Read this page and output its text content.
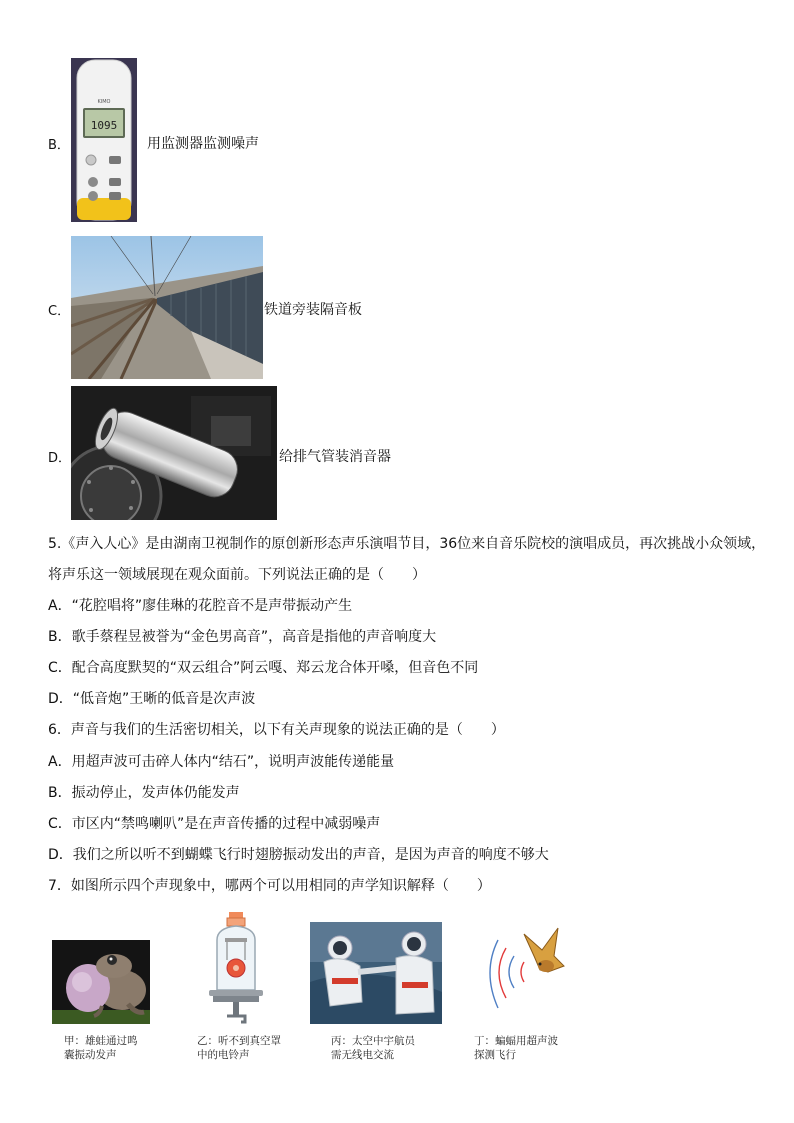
B．
KIMO
1095
用监测器监测噪声
C．	铁道旁装隔音板
D．	给排气管装消音器
5.《声入人心》是由湖南卫视制作的原创新形态声乐演唱节目，36位来自音乐院校的演唱成员，再次挑战小众领域，
将声乐这一领域展现在观众面前。下列说法正确的是（　　）
A．“花腔唱将”廖佳琳的花腔音不是声带振动产生
B．歌手蔡程昱被誉为“金色男高音”，高音是指他的声音响度大
C．配合高度默契的“双云组合”阿云嘎、郑云龙合体开嗓，但音色不同
D．“低音炮”王晰的低音是次声波
6．声音与我们的生活密切相关，以下有关声现象的说法正确的是（　　）
A．用超声波可击碎人体内“结石”，说明声波能传递能量
B．振动停止，发声体仍能发声
C．市区内“禁鸣喇叭”是在声音传播的过程中减弱噪声
D．我们之所以听不到蝴蝶飞行时翅膀振动发出的声音，是因为声音的响度不够大
7．如图所示四个声现象中，哪两个可以用相同的声学知识解释（　　）
甲：雄蛙通过鸣
囊振动发声
乙：听不到真空罩
中的电铃声
丙：太空中宇航员
需无线电交流
丁：蝙蝠用超声波
探测飞行
